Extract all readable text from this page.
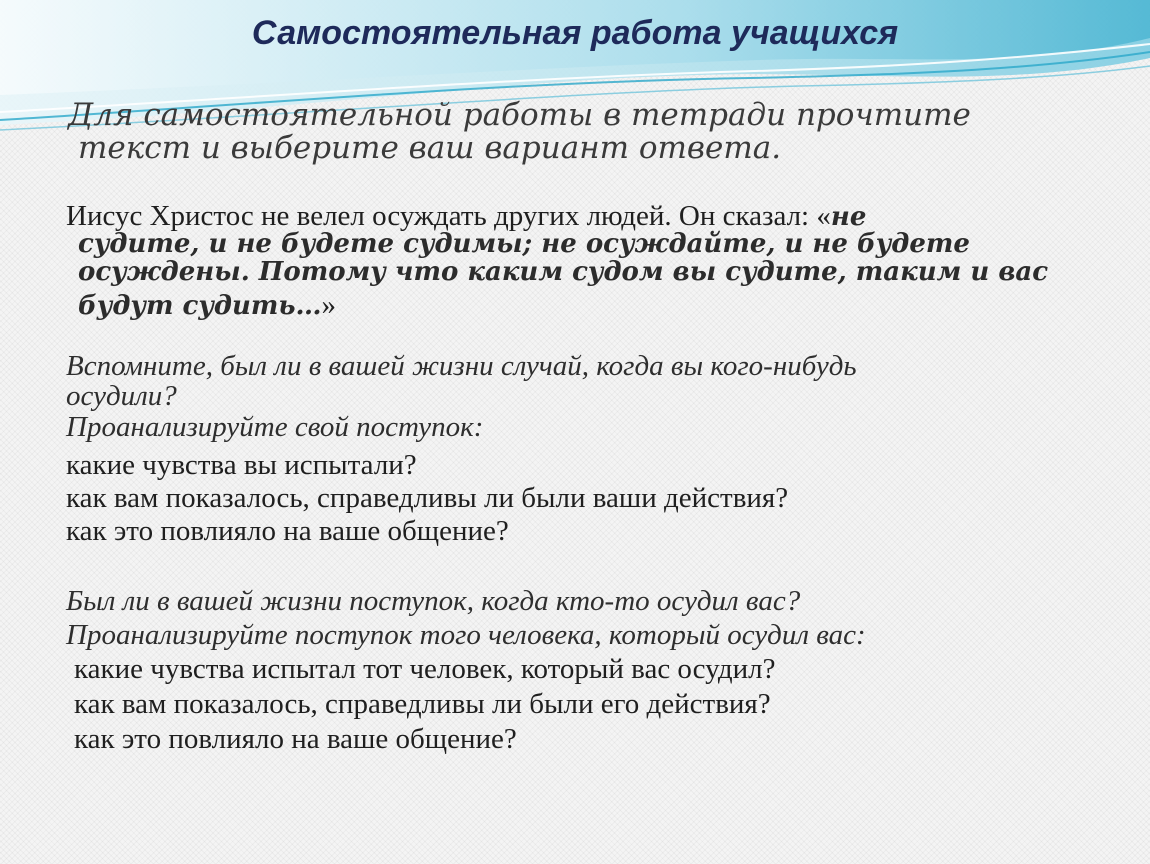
Самостоятельная работа учащихся
Для самостоятельной работы в тетради прочтите
текст и выберите ваш вариант ответа.
Иисус Христос не велел осуждать других людей. Он сказал: «не
судите, и не будете судимы; не осуждайте, и не будете
осуждены. Потому что каким судом вы судите, таким и вас
будут судить…»
Вспомните, был ли в вашей жизни случай, когда вы кого-нибудь
осудили?
Проанализируйте свой поступок:
какие чувства вы испытали?
как вам показалось, справедливы ли были ваши действия?
как это повлияло на ваше общение?
Был ли в вашей жизни поступок, когда кто-то осудил вас?
Проанализируйте поступок того человека, который осудил вас:
какие чувства испытал тот человек, который вас осудил?
как вам показалось, справедливы ли были его действия?
как это повлияло на ваше общение?
